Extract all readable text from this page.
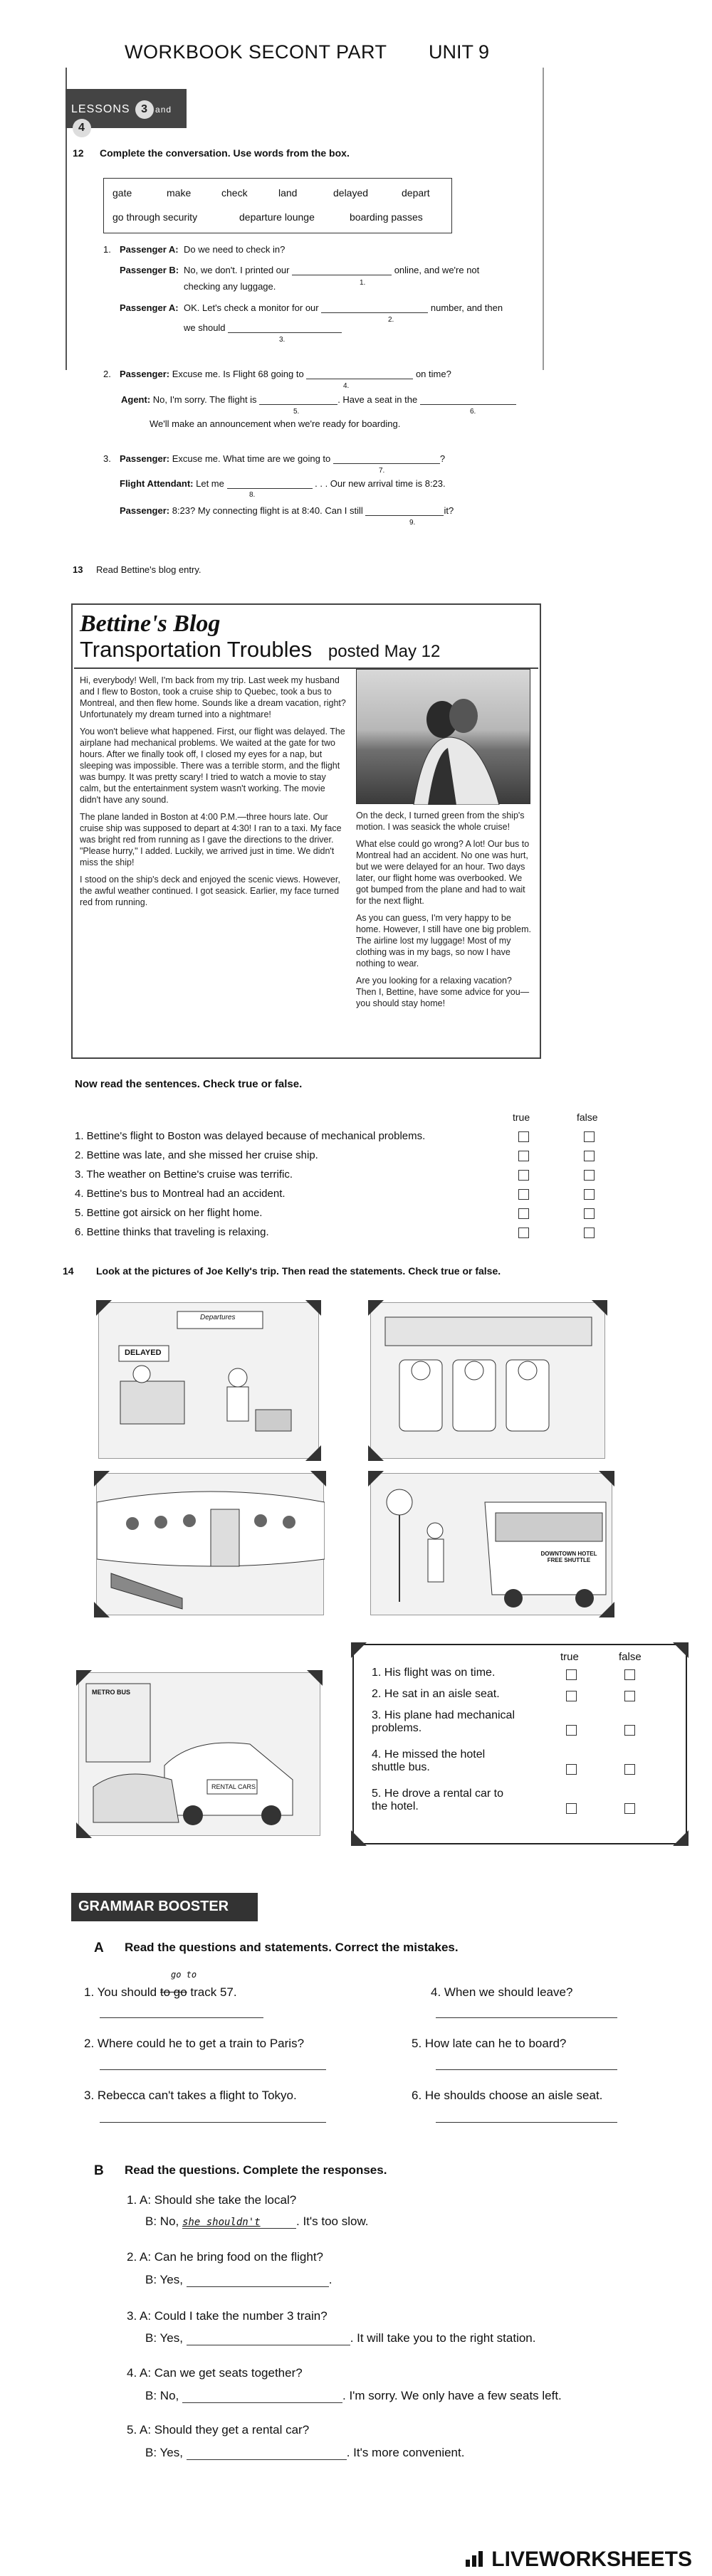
WORKBOOK SECONT PART UNIT 9
LESSONS 3 and4
12 Complete the conversation. Use words from the box.
gate	make	check	land	delayed	depart
go through security	departure lounge	boarding passes
1. Passenger A: Do we need to check in?
Passenger B: No, we don't. I printed our	online, and we're not
1.
checking any luggage.
Passenger A: OK. Let's check a monitor for our	number, and then
2.
we should
3.
2. Passenger: Excuse me. Is Flight 68 going to	on time?
4.
Agent: No, I'm sorry. The flight is	. Have a seat in the
5.	6.
We'll make an announcement when we're ready for boarding.
3. Passenger: Excuse me. What time are we going to	?
7.
Flight Attendant: Let me	. . . Our new arrival time is 8:23.
8.
Passenger: 8:23? My connecting flight is at 8:40. Can I still	it?
9.
13 Read Bettine's blog entry.
Bettine's Blog
Transportation Troubles posted May 12

Hi, everybody! Well, I'm back from my trip. Last week my husband and I flew to Boston, took a cruise ship to Quebec, took a bus to Montreal, and then flew home. Sounds like a dream vacation, right? Unfortunately my dream turned into a nightmare!

You won't believe what happened. First, our flight was delayed. The airplane had mechanical problems. We waited at the gate for two hours. After we finally took off, I closed my eyes for a nap, but sleeping was impossible. There was a terrible storm, and the flight was bumpy. It was pretty scary! I tried to watch a movie to stay calm, but the entertainment system wasn't working. The movie didn't have any sound.

The plane landed in Boston at 4:00 P.M.—three hours late. Our cruise ship was supposed to depart at 4:30! I ran to a taxi. My face was bright red from running as I gave the directions to the driver. "Please hurry," I added. Luckily, we arrived just in time. We didn't miss the ship!

I stood on the ship's deck and enjoyed the scenic views. However, the awful weather continued. I got seasick. Earlier, my face turned red from running.

On the deck, I turned green from the ship's motion. I was seasick the whole cruise!

What else could go wrong? A lot! Our bus to Montreal had an accident. No one was hurt, but we were delayed for an hour. Two days later, our flight home was overbooked. We got bumped from the plane and had to wait for the next flight.

As you can guess, I'm very happy to be home. However, I still have one big problem. The airline lost my luggage! Most of my clothing was in my bags, so now I have nothing to wear.

Are you looking for a relaxing vacation? Then I, Bettine, have some advice for you—you should stay home!

Now read the sentences. Check true or false.
true	false
1. Bettine's flight to Boston was delayed because of mechanical problems.
2. Bettine was late, and she missed her cruise ship.
3. The weather on Bettine's cruise was terrific.
4. Bettine's bus to Montreal had an accident.
5. Bettine got airsick on her flight home.
6. Bettine thinks that traveling is relaxing.
14 Look at the pictures of Joe Kelly's trip. Then read the statements. Check true or false.
Departures
DELAYED
DOWNTOWN HOTEL FREE SHUTTLE
METRO BUS
RENTAL CARS
true	false
1. His flight was on time.
2. He sat in an aisle seat.
3. His plane had mechanical problems.
4. He missed the hotel shuttle bus.
5. He drove a rental car to the hotel.
GRAMMAR BOOSTER
A Read the questions and statements. Correct the mistakes.
1. You should to go track 57.
go to
4. When we should leave?
2. Where could he to get a train to Paris?	5. How late can he to board?
3. Rebecca can't takes a flight to Tokyo.	6. He shoulds choose an aisle seat.
B Read the questions. Complete the responses.
1. A: Should she take the local?
B: No, she shouldn't	. It's too slow.
2. A: Can he bring food on the flight?
B: Yes,	.
3. A: Could I take the number 3 train?
B: Yes,	. It will take you to the right station.
4. A: Can we get seats together?
B: No,	. I'm sorry. We only have a few seats left.
5. A: Should they get a rental car?
B: Yes,	. It's more convenient.
LIVEWORKSHEETS
